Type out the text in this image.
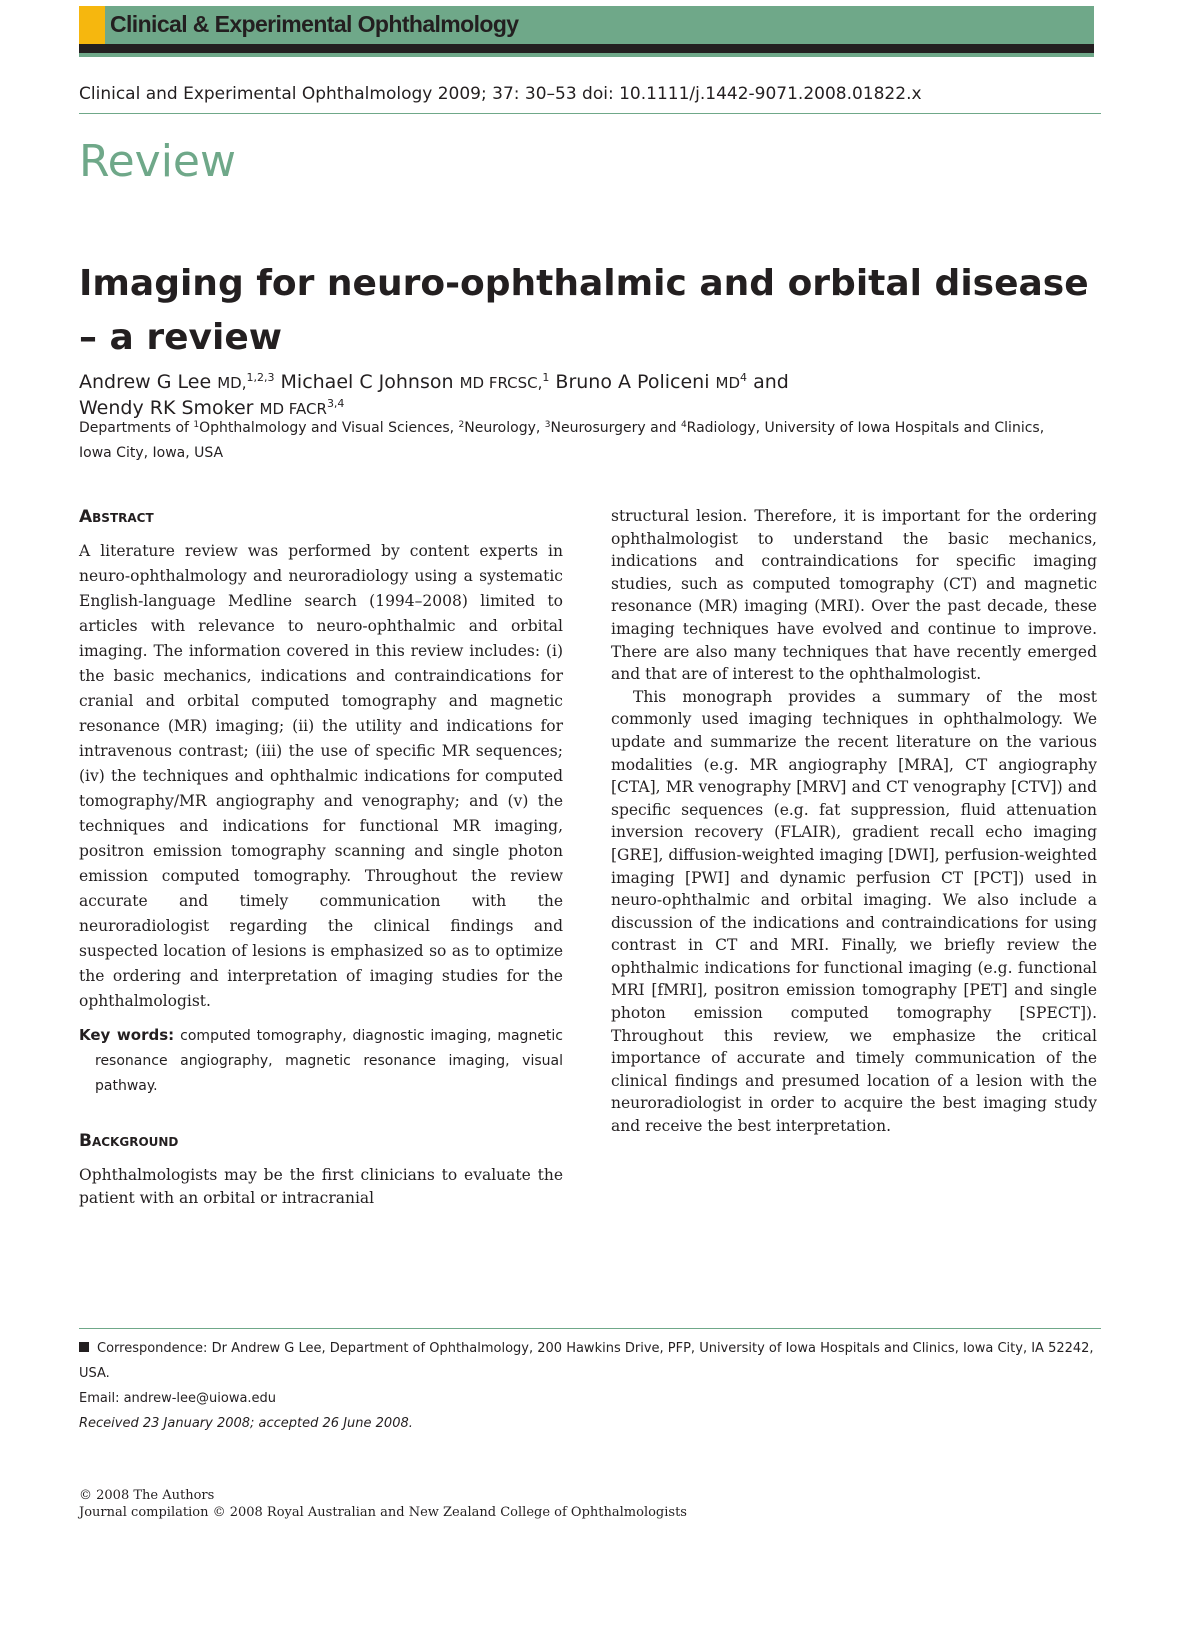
Clinical & Experimental Ophthalmology
Clinical and Experimental Ophthalmology 2009; 37: 30–53 doi: 10.1111/j.1442-9071.2008.01822.x
Review
Imaging for neuro-ophthalmic and orbital disease – a review
Andrew G Lee MD,$^{1,2,3}$ Michael C Johnson MD FRCSC,$^1$ Bruno A Policeni $MD^4$ and
Wendy RK Smoker MD FACR$^{3,4}$
Departments of $^1$Ophthalmology and Visual Sciences, $^2$Neurology, $^3$Neurosurgery and $^4$Radiology, University of Iowa Hospitals and Clinics, Iowa City, Iowa, USA
Abstract

A literature review was performed by content experts in neuro-ophthalmology and neuroradiology using a systematic English-language Medline search (1994–2008) limited to articles with relevance to neuro-ophthalmic and orbital imaging. The information covered in this review includes: (i) the basic mechanics, indications and contraindications for cranial and orbital computed tomography and magnetic resonance (MR) imaging; (ii) the utility and indications for intravenous contrast; (iii) the use of specific MR sequences; (iv) the techniques and ophthalmic indications for computed tomography/MR angiography and venography; and (v) the techniques and indications for functional MR imaging, positron emission tomography scanning and single photon emission computed tomography. Throughout the review accurate and timely communication with the neuroradiologist regarding the clinical findings and suspected location of lesions is emphasized so as to optimize the ordering and interpretation of imaging studies for the ophthalmologist.

Key words: computed tomography, diagnostic imaging, magnetic resonance angiography, magnetic resonance imaging, visual pathway.
Background

Ophthalmologists may be the first clinicians to evaluate the patient with an orbital or intracranial

structural lesion. Therefore, it is important for the ordering ophthalmologist to understand the basic mechanics, indications and contraindications for specific imaging studies, such as computed tomography (CT) and magnetic resonance (MR) imaging (MRI). Over the past decade, these imaging techniques have evolved and continue to improve. There are also many techniques that have recently emerged and that are of interest to the ophthalmologist.

This monograph provides a summary of the most commonly used imaging techniques in ophthalmology. We update and summarize the recent literature on the various modalities (e.g. MR angiography [MRA], CT angiography [CTA], MR venography [MRV] and CT venography [CTV]) and specific sequences (e.g. fat suppression, fluid attenuation inversion recovery (FLAIR), gradient recall echo imaging [GRE], diffusion-weighted imaging [DWI], perfusion-weighted imaging [PWI] and dynamic perfusion CT [PCT]) used in neuro-ophthalmic and orbital imaging. We also include a discussion of the indications and contraindications for using contrast in CT and MRI. Finally, we briefly review the ophthalmic indications for functional imaging (e.g. functional MRI [fMRI], positron emission tomography [PET] and single photon emission computed tomography [SPECT]). Throughout this review, we emphasize the critical importance of accurate and timely communication of the clinical findings and presumed location of a lesion with the neuroradiologist in order to acquire the best imaging study and receive the best interpretation.

Correspondence: Dr Andrew G Lee, Department of Ophthalmology, 200 Hawkins Drive, PFP, University of Iowa Hospitals and Clinics, Iowa City, IA 52242, USA.
Email: andrew-lee@uiowa.edu
Received 23 January 2008; accepted 26 June 2008.
© 2008 The Authors
Journal compilation © 2008 Royal Australian and New Zealand College of Ophthalmologists
